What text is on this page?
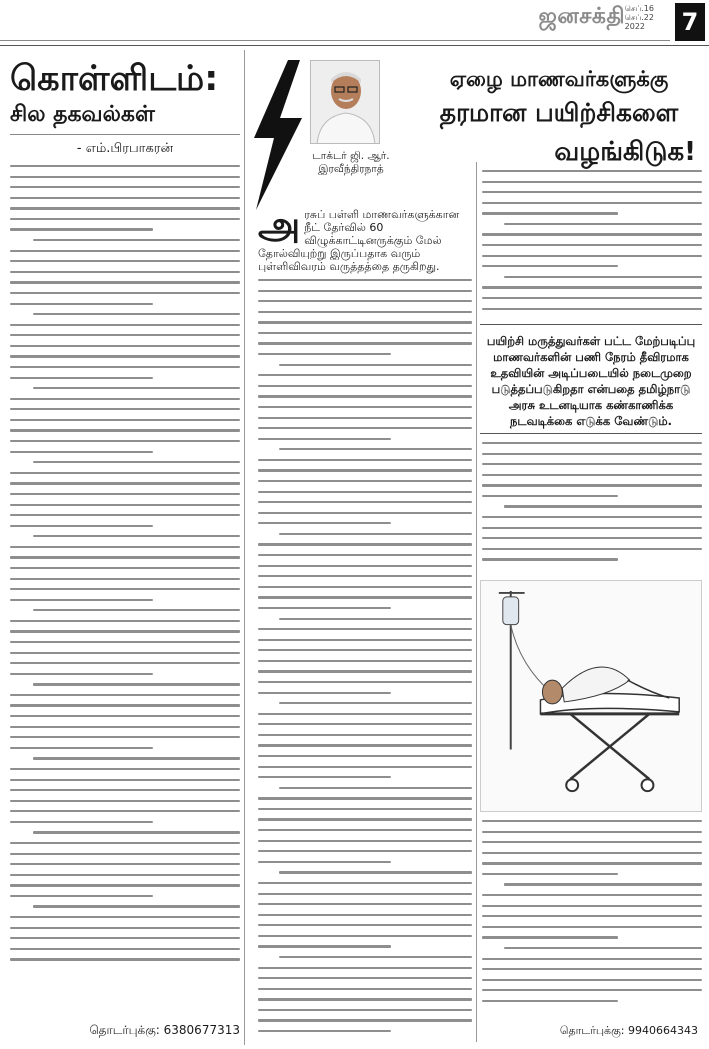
ஜனசக்தி செப்.16
செப்.22
2022	7
கொள்ளிடம்:
சில தகவல்கள்
- எம்.பிரபாகரன்
தொடர்புக்கு: 6380677313
டாக்டர் ஜி. ஆர்.
இரவீந்திரநாத்
ஏழை மாணவர்களுக்கு
தரமான பயிற்சிகளை
வழங்கிடுக!
அ ரசுப் பள்ளி மாணவர்களுக்கான நீட் தேர்வில் 60 விழுக்காட்டினருக்கும் மேல் தோல்வியுற்று இருப்பதாக வரும் புள்ளிவிவரம் வருத்தத்தை தருகிறது.
பயிற்சி மருத்துவர்கள் பட்ட மேற்படிப்பு மாணவர்களின் பணி நேரம் தீவிரமாக உதவியின் அடிப்படையில் நடைமுறை படுத்தப்படுகிறதா என்பதை தமிழ்நாடு அரசு உடனடியாக கண்காணிக்க நடவடிக்கை எடுக்க வேண்டும்.
தொடர்புக்கு: 9940664343
